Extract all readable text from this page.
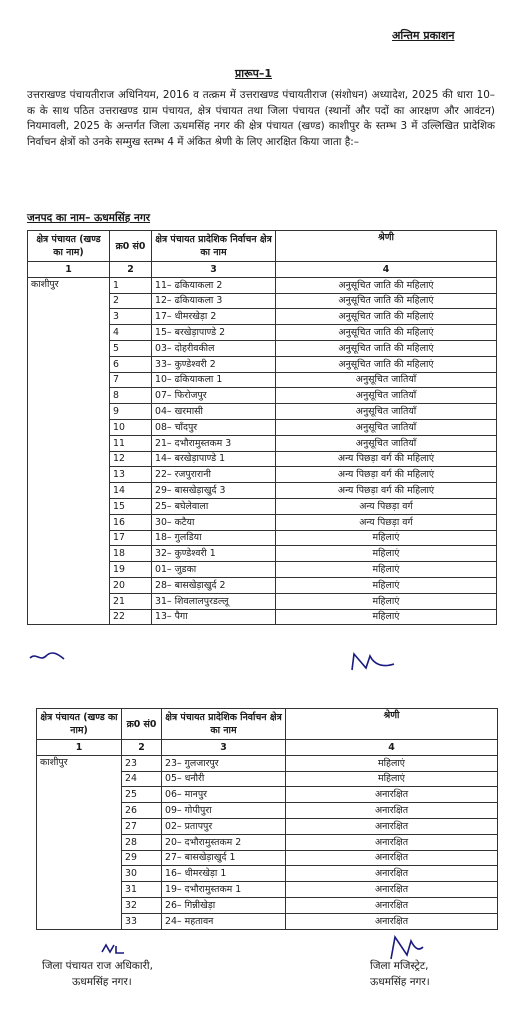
अन्तिम प्रकाशन
प्रारूप–1
उत्तराखण्ड पंचायतीराज अधिनियम, 2016 व तत्क्रम में उत्तराखण्ड पंचायतीराज (संशोधन) अध्यादेश, 2025 की धारा 10–क के साथ पठित उत्तराखण्ड ग्राम पंचायत, क्षेत्र पंचायत तथा जिला पंचायत (स्थानों और पदों का आरक्षण और आवंटन) नियमावली, 2025 के अन्तर्गत जिला ऊधमसिंह नगर की क्षेत्र पंचायत (खण्ड) काशीपुर के स्तम्भ 3 में उल्लिखित प्रादेशिक निर्वाचन क्षेत्रों को उनके सम्मुख स्तम्भ 4 में अंकित श्रेणी के लिए आरक्षित किया जाता है:–
जनपद का नाम– ऊधमसिंह नगर
क्षेत्र पंचायत (खण्ड का नाम)	क्र0 सं0	क्षेत्र पंचायत प्रादेशिक निर्वाचन क्षेत्र का नाम	श्रेणी
1	2	3	4
काशीपुर	1	11– ढकियाकला 2	अनुसूचित जाति की महिलाएं
	2	12– ढकियाकला 3	अनुसूचित जाति की महिलाएं
	3	17– धीमरखेड़ा 2	अनुसूचित जाति की महिलाएं
	4	15– बरखेड़ापाण्डे 2	अनुसूचित जाति की महिलाएं
	5	03– दोहरीवकील	अनुसूचित जाति की महिलाएं
	6	33– कुण्डेश्वरी 2	अनुसूचित जाति की महिलाएं
	7	10– ढकियाकला 1	अनुसूचित जातियाँ
	8	07– फिरोजपुर	अनुसूचित जातियाँ
	9	04– खरमासी	अनुसूचित जातियाँ
	10	08– चाँदपुर	अनुसूचित जातियाँ
	11	21– दभौरामुस्तकम 3	अनुसूचित जातियाँ
	12	14– बरखेड़ापाण्डे 1	अन्य पिछड़ा वर्ग की महिलाएं
	13	22– रजपुरारानी	अन्य पिछड़ा वर्ग की महिलाएं
	14	29– बासखेड़ाखुर्द 3	अन्य पिछड़ा वर्ग की महिलाएं
	15	25– बघेलेवाला	अन्य पिछड़ा वर्ग
	16	30– कटैया	अन्य पिछड़ा वर्ग
	17	18– गुलडिया	महिलाएं
	18	32– कुण्डेश्वरी 1	महिलाएं
	19	01– जुडका	महिलाएं
	20	28– बासखेड़ाखुर्द 2	महिलाएं
	21	31– शिवलालपुरडल्लू	महिलाएं
	22	13– पैगा	महिलाएं
क्षेत्र पंचायत (खण्ड का नाम)	क्र0 सं0	क्षेत्र पंचायत प्रादेशिक निर्वाचन क्षेत्र का नाम	श्रेणी
1	2	3	4
काशीपुर	23	23– गुलजारपुर	महिलाएं
	24	05– धनौरी	महिलाएं
	25	06– मानपुर	अनारक्षित
	26	09– गोपीपुरा	अनारक्षित
	27	02– प्रतापपुर	अनारक्षित
	28	20– दभौरामुस्तकम 2	अनारक्षित
	29	27– बासखेड़ाखुर्द 1	अनारक्षित
	30	16– धीमरखेड़ा 1	अनारक्षित
	31	19– दभौरामुस्तकम 1	अनारक्षित
	32	26– गिन्नीखेड़ा	अनारक्षित
	33	24– महतावन	अनारक्षित
जिला पंचायत राज अधिकारी,
ऊधमसिंह नगर।
जिला मजिस्ट्रेट,
ऊधमसिंह नगर।
